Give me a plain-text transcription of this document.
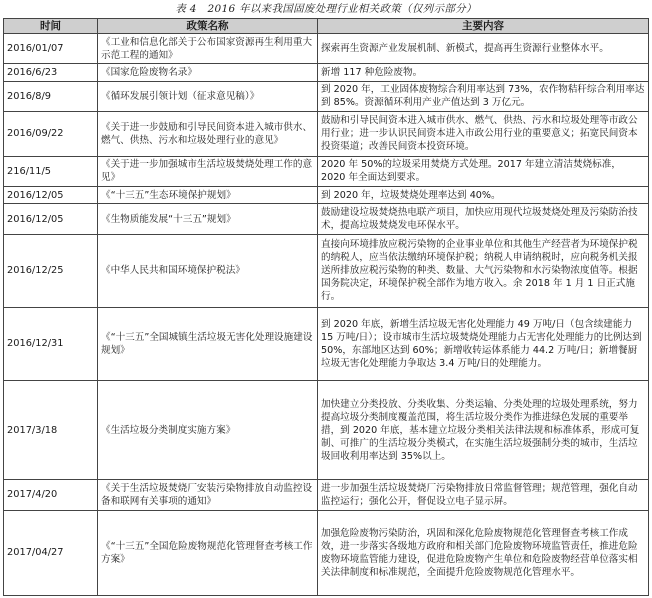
表 4　2016 年以来我国固废处理行业相关政策（仅列示部分）
时间	政策名称	主要内容
2016/01/07	《工业和信息化部关于公布国家资源再生利用重大示范工程的通知》	探索再生资源产业发展机制、新模式，提高再生资源行业整体水平。
2016/6/23	《国家危险废物名录》	新增 117 种危险废物。
2016/8/9	《循环发展引领计划（征求意见稿）》	到 2020 年，工业固体废物综合利用率达到 73%，农作物秸秆综合利用率达到 85%。资源循环利用产业产值达到 3 万亿元。
2016/09/22	《关于进一步鼓励和引导民间资本进入城市供水、燃气、供热、污水和垃圾处理行业的意见》	鼓励和引导民间资本进入城市供水、燃气、供热、污水和垃圾处理等市政公用行业；进一步认识民间资本进入市政公用行业的重要意义；拓宽民间资本投资渠道；改善民间资本投资环境。
216/11/5	《关于进一步加强城市生活垃圾焚烧处理工作的意见》	2020 年 50%的垃圾采用焚烧方式处理。2017 年建立清洁焚烧标准，2020 年全面达到要求。
2016/12/05	《“十三五”生态环境保护规划》	到 2020 年，垃圾焚烧处理率达到 40%。
2016/12/05	《生物质能发展“十三五”规划》	鼓励建设垃圾焚烧热电联产项目，加快应用现代垃圾焚烧处理及污染防治技术，提高垃圾焚烧发电环保水平。
2016/12/25	《中华人民共和国环境保护税法》	直接向环境排放应税污染物的企业事业单位和其他生产经营者为环境保护税的纳税人，应当依法缴纳环境保护税；纳税人申请纳税时，应向税务机关报送所排放应税污染物的种类、数量、大气污染物和水污染物浓度值等。根据国务院决定，环境保护税全部作为地方收入。余 2018 年 1 月 1 日正式施行。
2016/12/31	《“十三五”全国城镇生活垃圾无害化处理设施建设规划》	到 2020 年底，新增生活垃圾无害化处理能力 49 万吨/日（包含续建能力 15 万吨/日）；设市城市生活垃圾焚烧处理能力占无害化处理能力的比例达到 50%，东部地区达到 60%；新增收转运体系能力 44.2 万吨/日；新增餐厨垃圾无害化处理能力争取达 3.4 万吨/日的处理能力。
2017/3/18	《生活垃圾分类制度实施方案》	加快建立分类投放、分类收集、分类运输、分类处理的垃圾处理系统，努力提高垃圾分类制度覆盖范围，将生活垃圾分类作为推进绿色发展的重要举措，到 2020 年底，基本建立垃圾分类相关法律法规和标准体系，形成可复制、可推广的生活垃圾分类模式，在实施生活垃圾强制分类的城市，生活垃圾回收利用率达到 35%以上。
2017/4/20	《关于生活垃圾焚烧厂安装污染物排放自动监控设备和联网有关事项的通知》	进一步加强生活垃圾焚烧厂污染物排放日常监督管理；规范管理，强化自动监控运行；强化公开，督促设立电子显示屏。
2017/04/27	《“十三五”全国危险废物规范化管理督查考核工作方案》	加强危险废物污染防治，巩固和深化危险废物规范化管理督查考核工作成效，进一步落实各级地方政府和相关部门危险废物环境监管责任，推进危险废物环境监管能力建设，促进危险废物产生单位和危险废物经营单位落实相关法律制度和标准规范，全面提升危险废物规范化管理水平。
